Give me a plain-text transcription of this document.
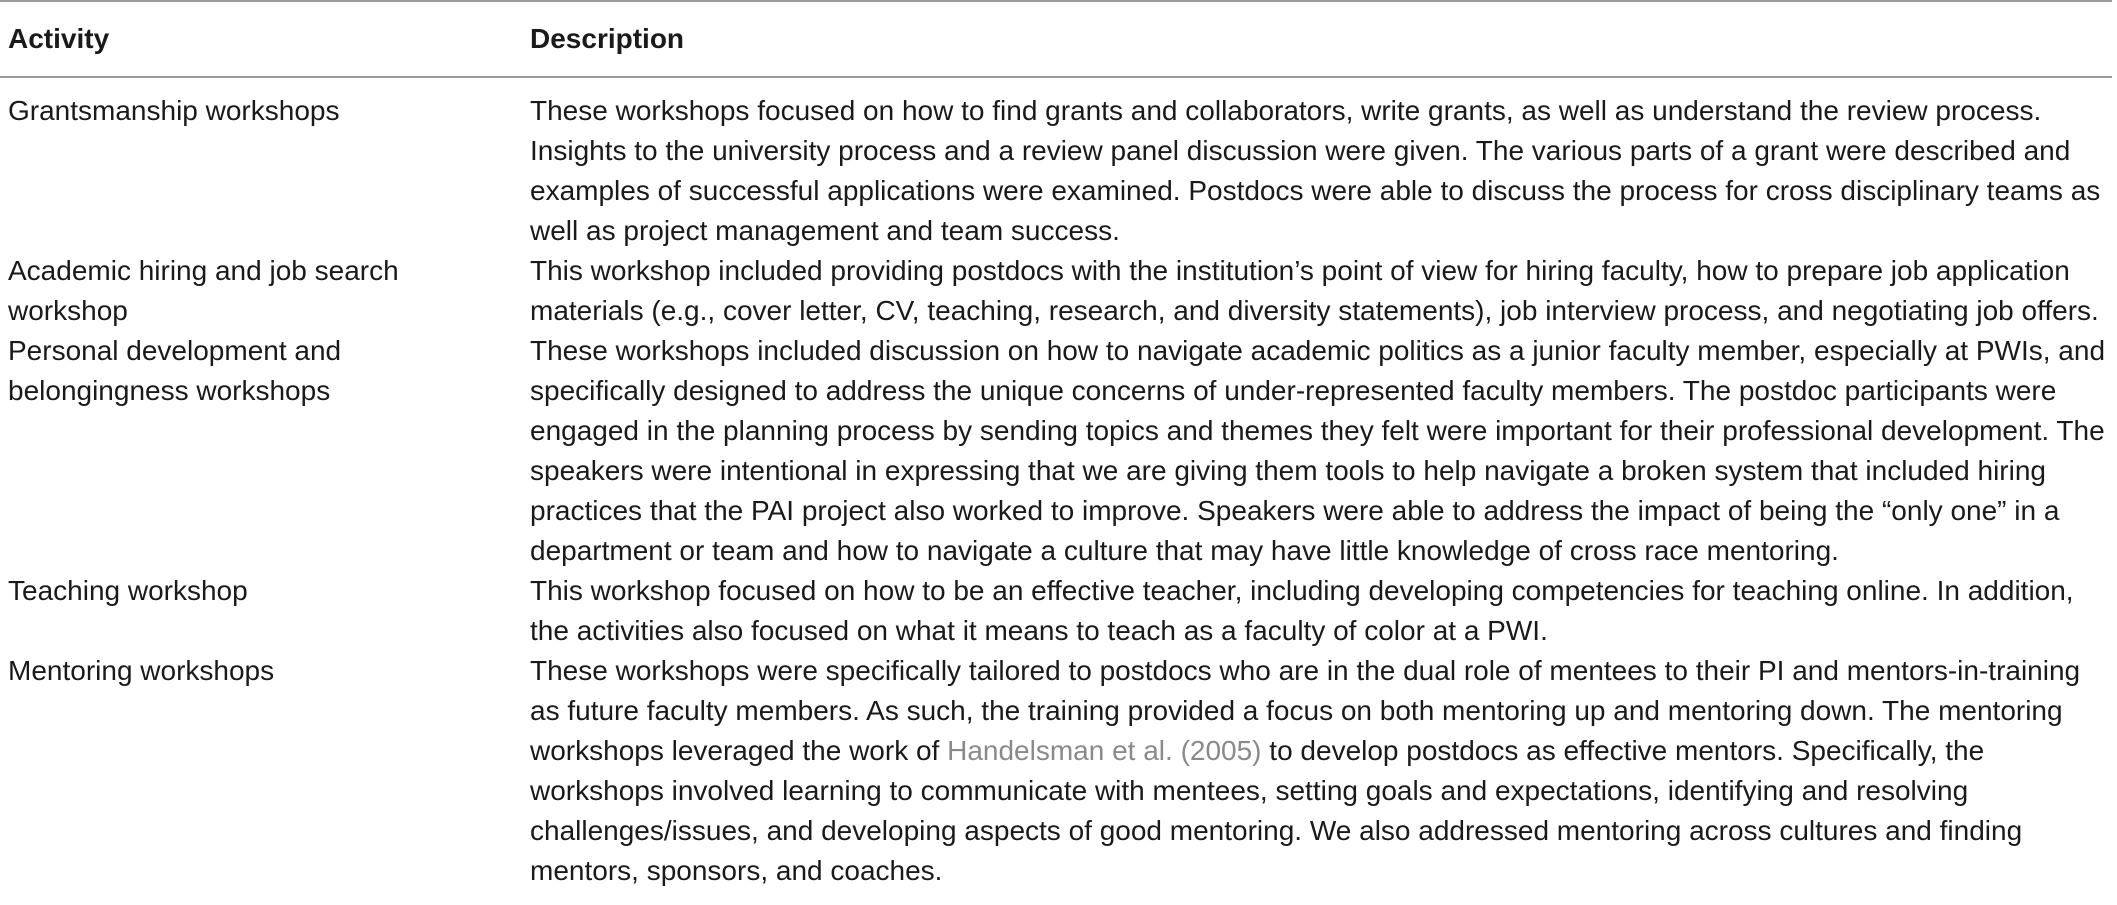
Activity	Description
Grantsmanship workshops	These workshops focused on how to find grants and collaborators, write grants, as well as understand the review process. Insights to the university process and a review panel discussion were given. The various parts of a grant were described and examples of successful applications were examined. Postdocs were able to discuss the process for cross disciplinary teams as well as project management and team success.
Academic hiring and job search workshop	This workshop included providing postdocs with the institution’s point of view for hiring faculty, how to prepare job application materials (e.g., cover letter, CV, teaching, research, and diversity statements), job interview process, and negotiating job offers.
Personal development and belongingness workshops	These workshops included discussion on how to navigate academic politics as a junior faculty member, especially at PWIs, and specifically designed to address the unique concerns of under-represented faculty members. The postdoc participants were engaged in the planning process by sending topics and themes they felt were important for their professional development. The speakers were intentional in expressing that we are giving them tools to help navigate a broken system that included hiring practices that the PAI project also worked to improve. Speakers were able to address the impact of being the “only one” in a department or team and how to navigate a culture that may have little knowledge of cross race mentoring.
Teaching workshop	This workshop focused on how to be an effective teacher, including developing competencies for teaching online. In addition, the activities also focused on what it means to teach as a faculty of color at a PWI.
Mentoring workshops	These workshops were specifically tailored to postdocs who are in the dual role of mentees to their PI and mentors-in-training as future faculty members. As such, the training provided a focus on both mentoring up and mentoring down. The mentoring workshops leveraged the work of Handelsman et al. (2005) to develop postdocs as effective mentors. Specifically, the workshops involved learning to communicate with mentees, setting goals and expectations, identifying and resolving challenges/issues, and developing aspects of good mentoring. We also addressed mentoring across cultures and finding mentors, sponsors, and coaches.
